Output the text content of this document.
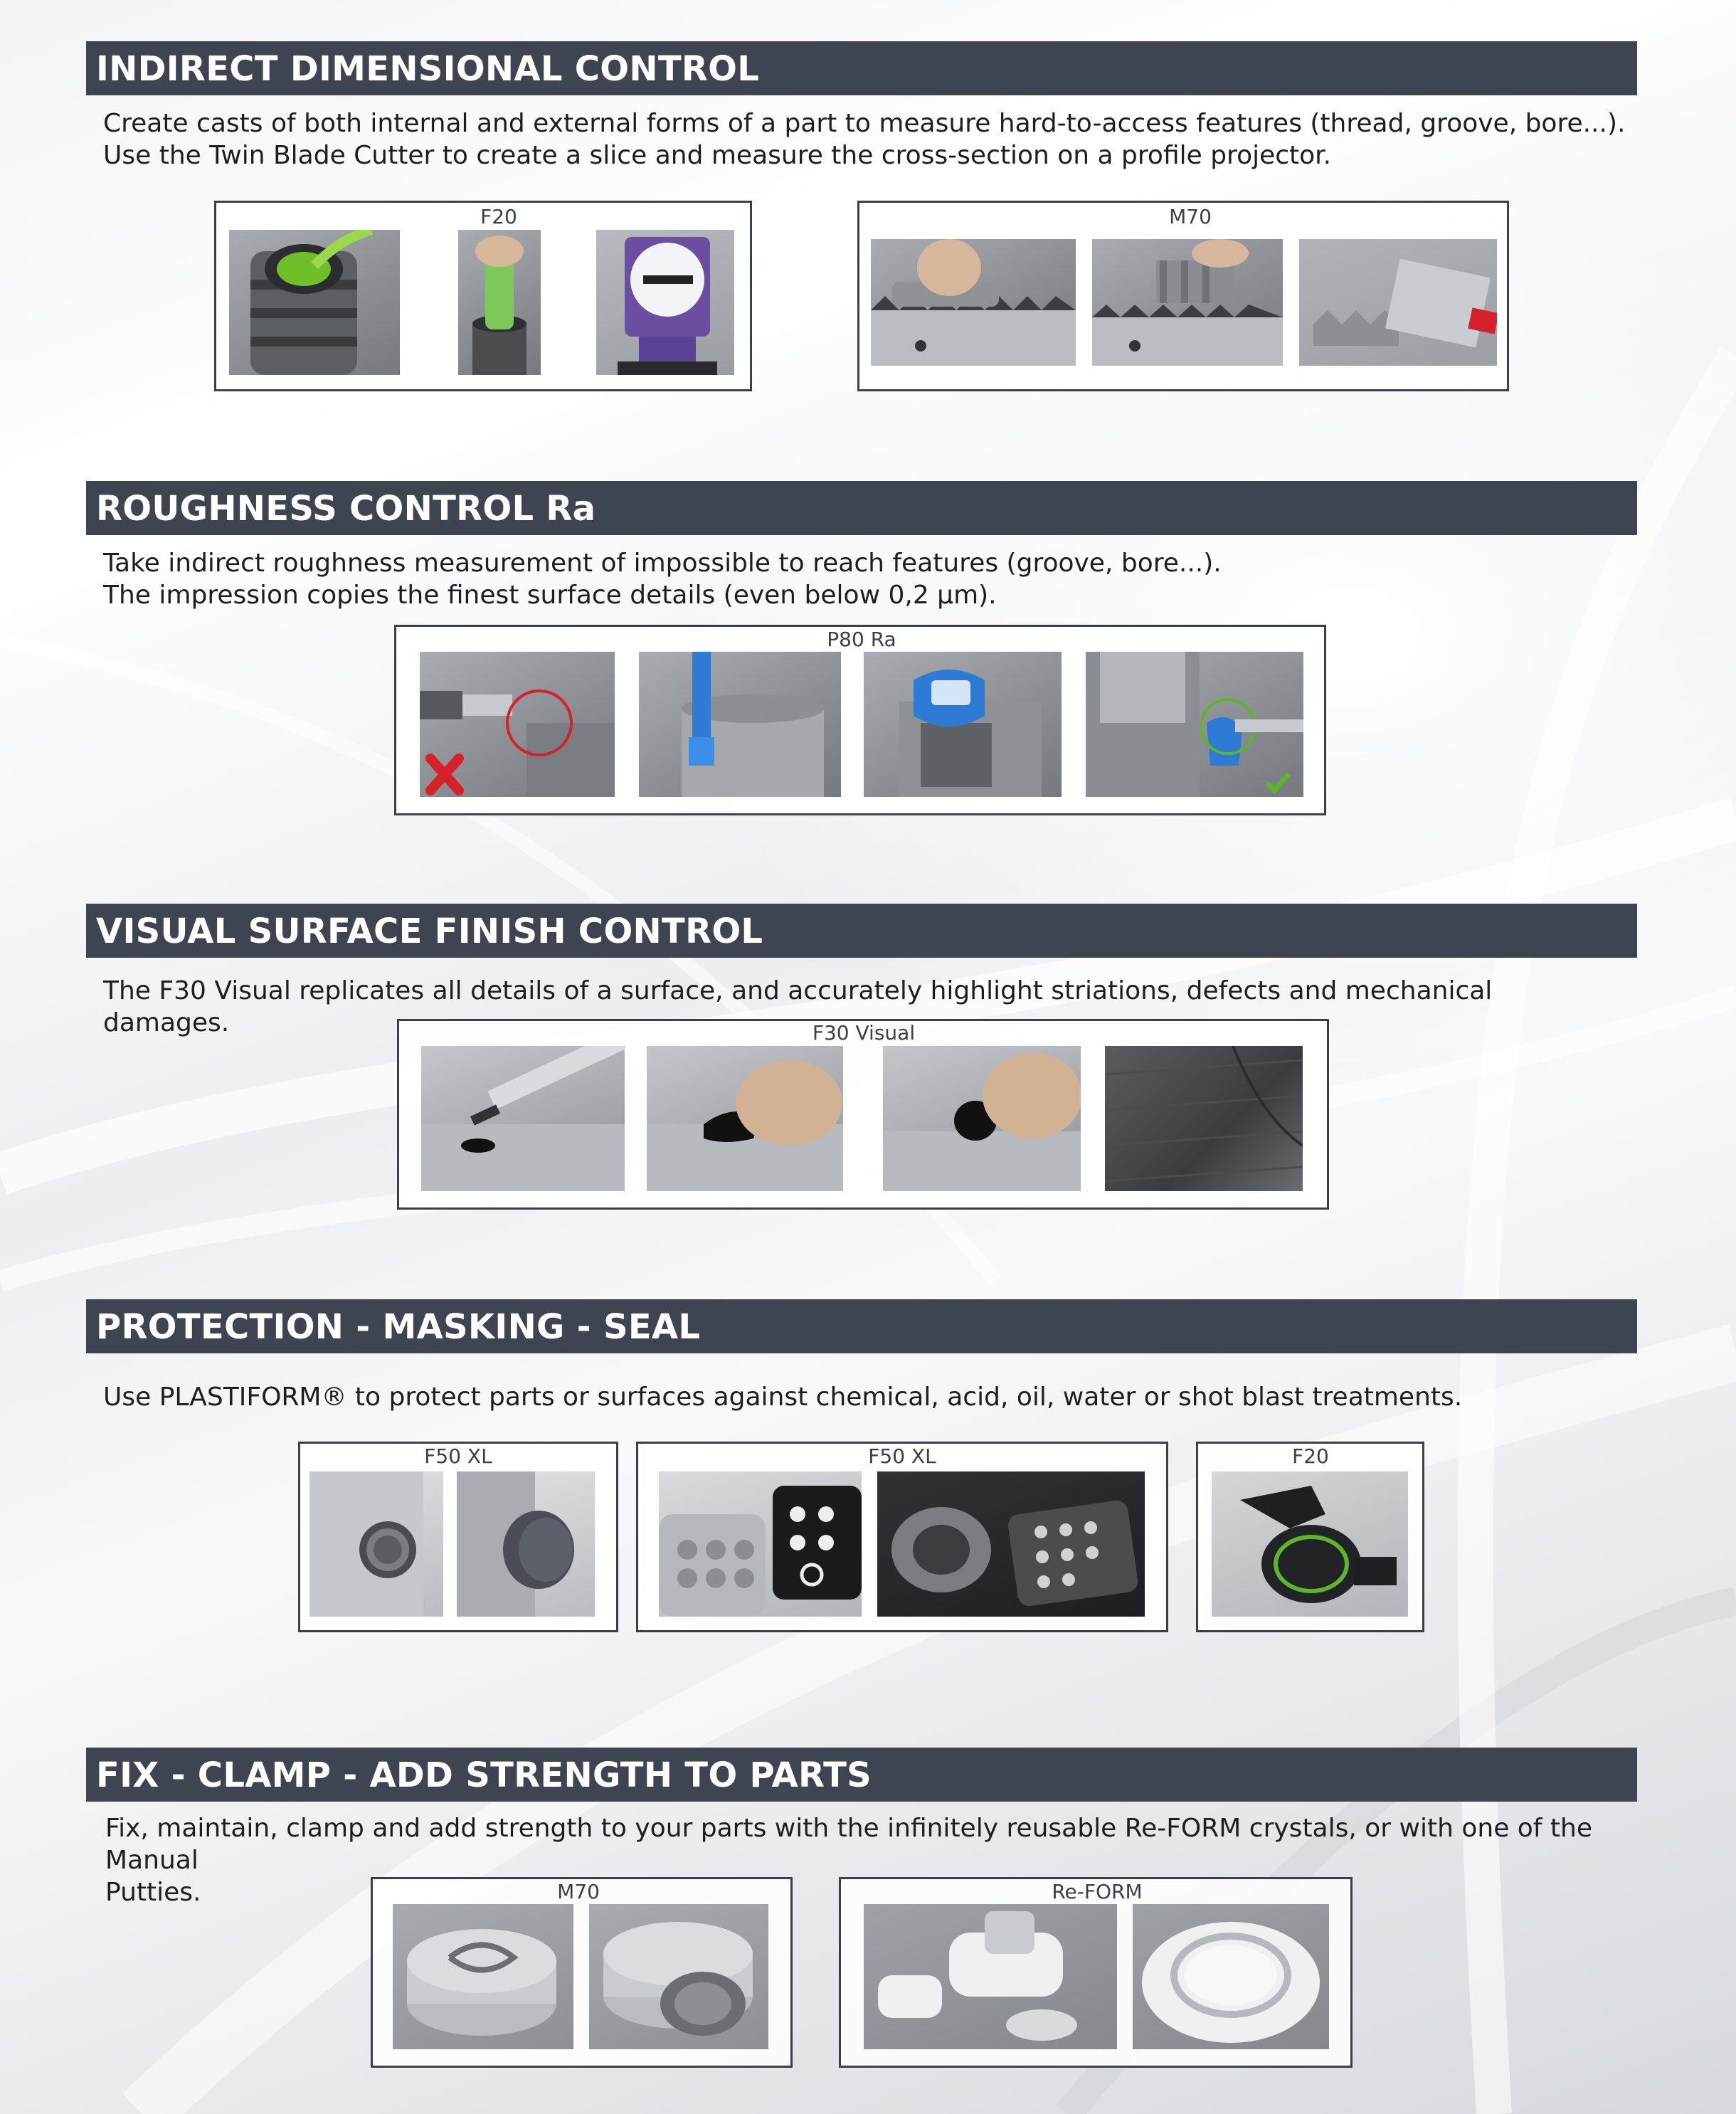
INDIRECT DIMENSIONAL CONTROL

Create casts of both internal and external forms of a part to measure hard-to-access features (thread, groove, bore...).

Use the Twin Blade Cutter to create a slice and measure the cross-section on a profile projector.

F20	M70
ROUGHNESS CONTROL Ra

Take indirect roughness measurement of impossible to reach features (groove, bore...).

The impression copies the finest surface details (even below 0,2 µm).

P80 Ra
VISUAL SURFACE FINISH CONTROL

The F30 Visual replicates all details of a surface, and accurately highlight striations, defects and mechanical damages.	F30 Visual
PROTECTION - MASKING - SEAL

Use PLASTIFORM® to protect parts or surfaces against chemical, acid, oil, water or shot blast treatments.

F50 XL	F50 XL	F20
FIX - CLAMP - ADD STRENGTH TO PARTS

Fix, maintain, clamp and add strength to your parts with the infinitely reusable Re-FORM crystals, or with one of the Manual

Putties.	M70	Re-FORM
